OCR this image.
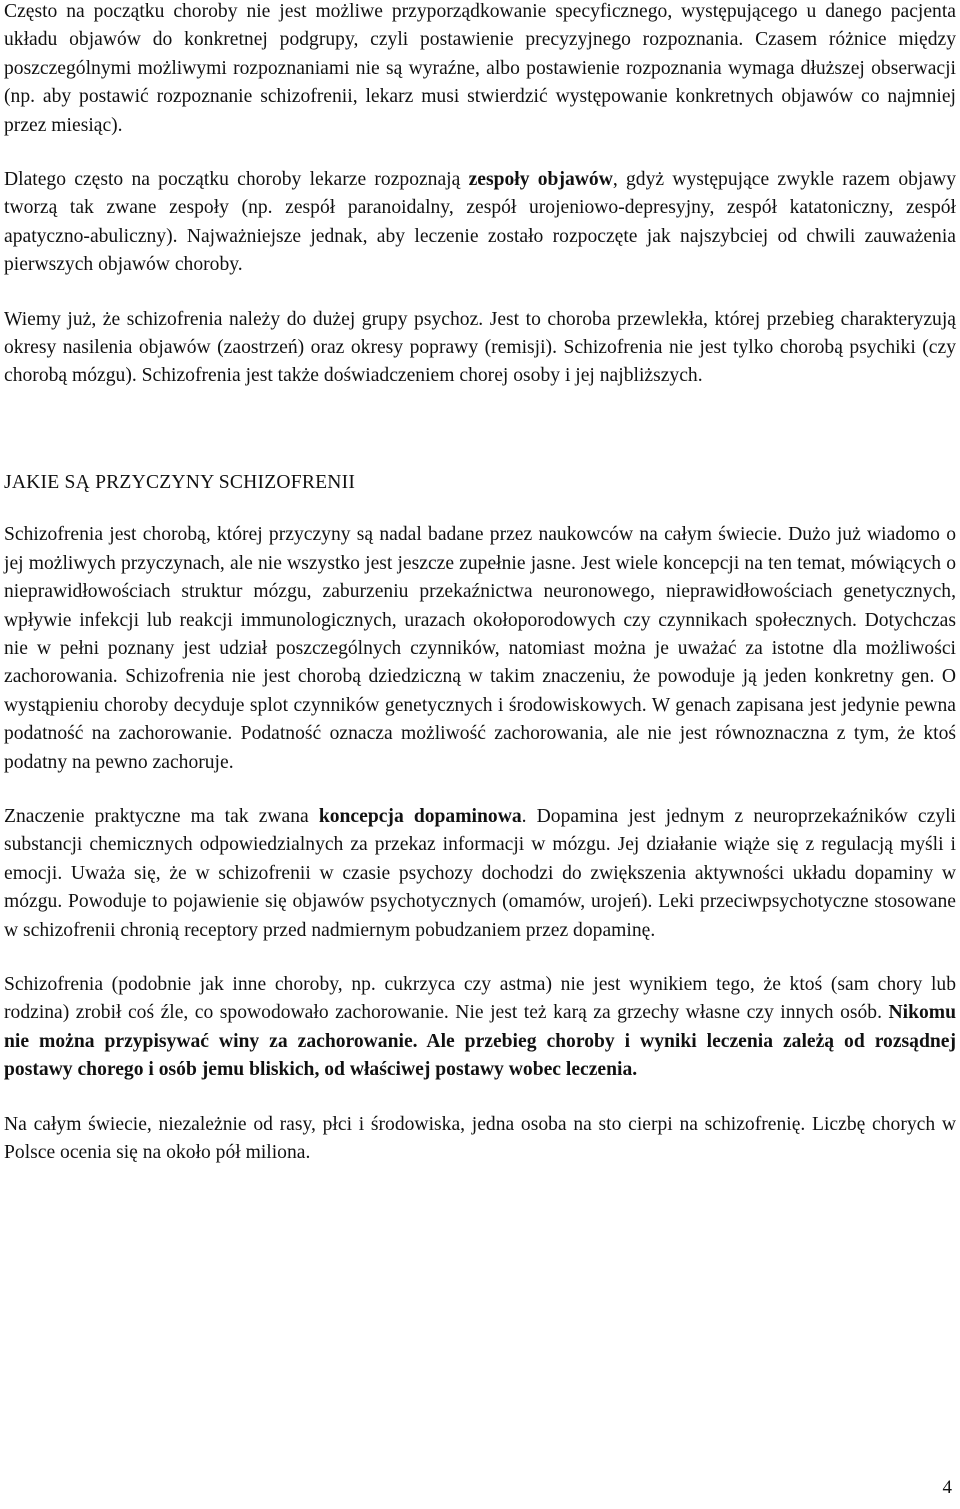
Często na początku choroby nie jest możliwe przyporządkowanie specyficznego, występującego u danego pacjenta układu objawów do konkretnej podgrupy, czyli postawienie precyzyjnego rozpoznania. Czasem różnice między poszczególnymi możliwymi rozpoznaniami nie są wyraźne, albo postawienie rozpoznania wymaga dłuższej obserwacji (np. aby postawić rozpoznanie schizofrenii, lekarz musi stwierdzić występowanie konkretnych objawów co najmniej przez miesiąc).

Dlatego często na początku choroby lekarze rozpoznają zespoły objawów, gdyż występujące zwykle razem objawy tworzą tak zwane zespoły (np. zespół paranoidalny, zespół urojeniowo-depresyjny, zespół katatoniczny, zespół apatyczno-abuliczny). Najważniejsze jednak, aby leczenie zostało rozpoczęte jak najszybciej od chwili zauważenia pierwszych objawów choroby.

Wiemy już, że schizofrenia należy do dużej grupy psychoz. Jest to choroba przewlekła, której przebieg charakteryzują okresy nasilenia objawów (zaostrzeń) oraz okresy poprawy (remisji). Schizofrenia nie jest tylko chorobą psychiki (czy chorobą mózgu). Schizofrenia jest także doświadczeniem chorej osoby i jej najbliższych.

JAKIE SĄ PRZYCZYNY SCHIZOFRENII

Schizofrenia jest chorobą, której przyczyny są nadal badane przez naukowców na całym świecie. Dużo już wiadomo o jej możliwych przyczynach, ale nie wszystko jest jeszcze zupełnie jasne. Jest wiele koncepcji na ten temat, mówiących o nieprawidłowościach struktur mózgu, zaburzeniu przekaźnictwa neuronowego, nieprawidłowościach genetycznych, wpływie infekcji lub reakcji immunologicznych, urazach okołoporodowych czy czynnikach społecznych. Dotychczas nie w pełni poznany jest udział poszczególnych czynników, natomiast można je uważać za istotne dla możliwości zachorowania. Schizofrenia nie jest chorobą dziedziczną w takim znaczeniu, że powoduje ją jeden konkretny gen. O wystąpieniu choroby decyduje splot czynników genetycznych i środowiskowych. W genach zapisana jest jedynie pewna podatność na zachorowanie. Podatność oznacza możliwość zachorowania, ale nie jest równoznaczna z tym, że ktoś podatny na pewno zachoruje.

Znaczenie praktyczne ma tak zwana koncepcja dopaminowa. Dopamina jest jednym z neuroprzekaźników czyli substancji chemicznych odpowiedzialnych za przekaz informacji w mózgu. Jej działanie wiąże się z regulacją myśli i emocji. Uważa się, że w schizofrenii w czasie psychozy dochodzi do zwiększenia aktywności układu dopaminy w mózgu. Powoduje to pojawienie się objawów psychotycznych (omamów, urojeń). Leki przeciwpsychotyczne stosowane w schizofrenii chronią receptory przed nadmiernym pobudzaniem przez dopaminę.

Schizofrenia (podobnie jak inne choroby, np. cukrzyca czy astma) nie jest wynikiem tego, że ktoś (sam chory lub rodzina) zrobił coś źle, co spowodowało zachorowanie. Nie jest też karą za grzechy własne czy innych osób. Nikomu nie można przypisywać winy za zachorowanie. Ale przebieg choroby i wyniki leczenia zależą od rozsądnej postawy chorego i osób jemu bliskich, od właściwej postawy wobec leczenia.

Na całym świecie, niezależnie od rasy, płci i środowiska, jedna osoba na sto cierpi na schizofrenię. Liczbę chorych w Polsce ocenia się na około pół miliona.

4
